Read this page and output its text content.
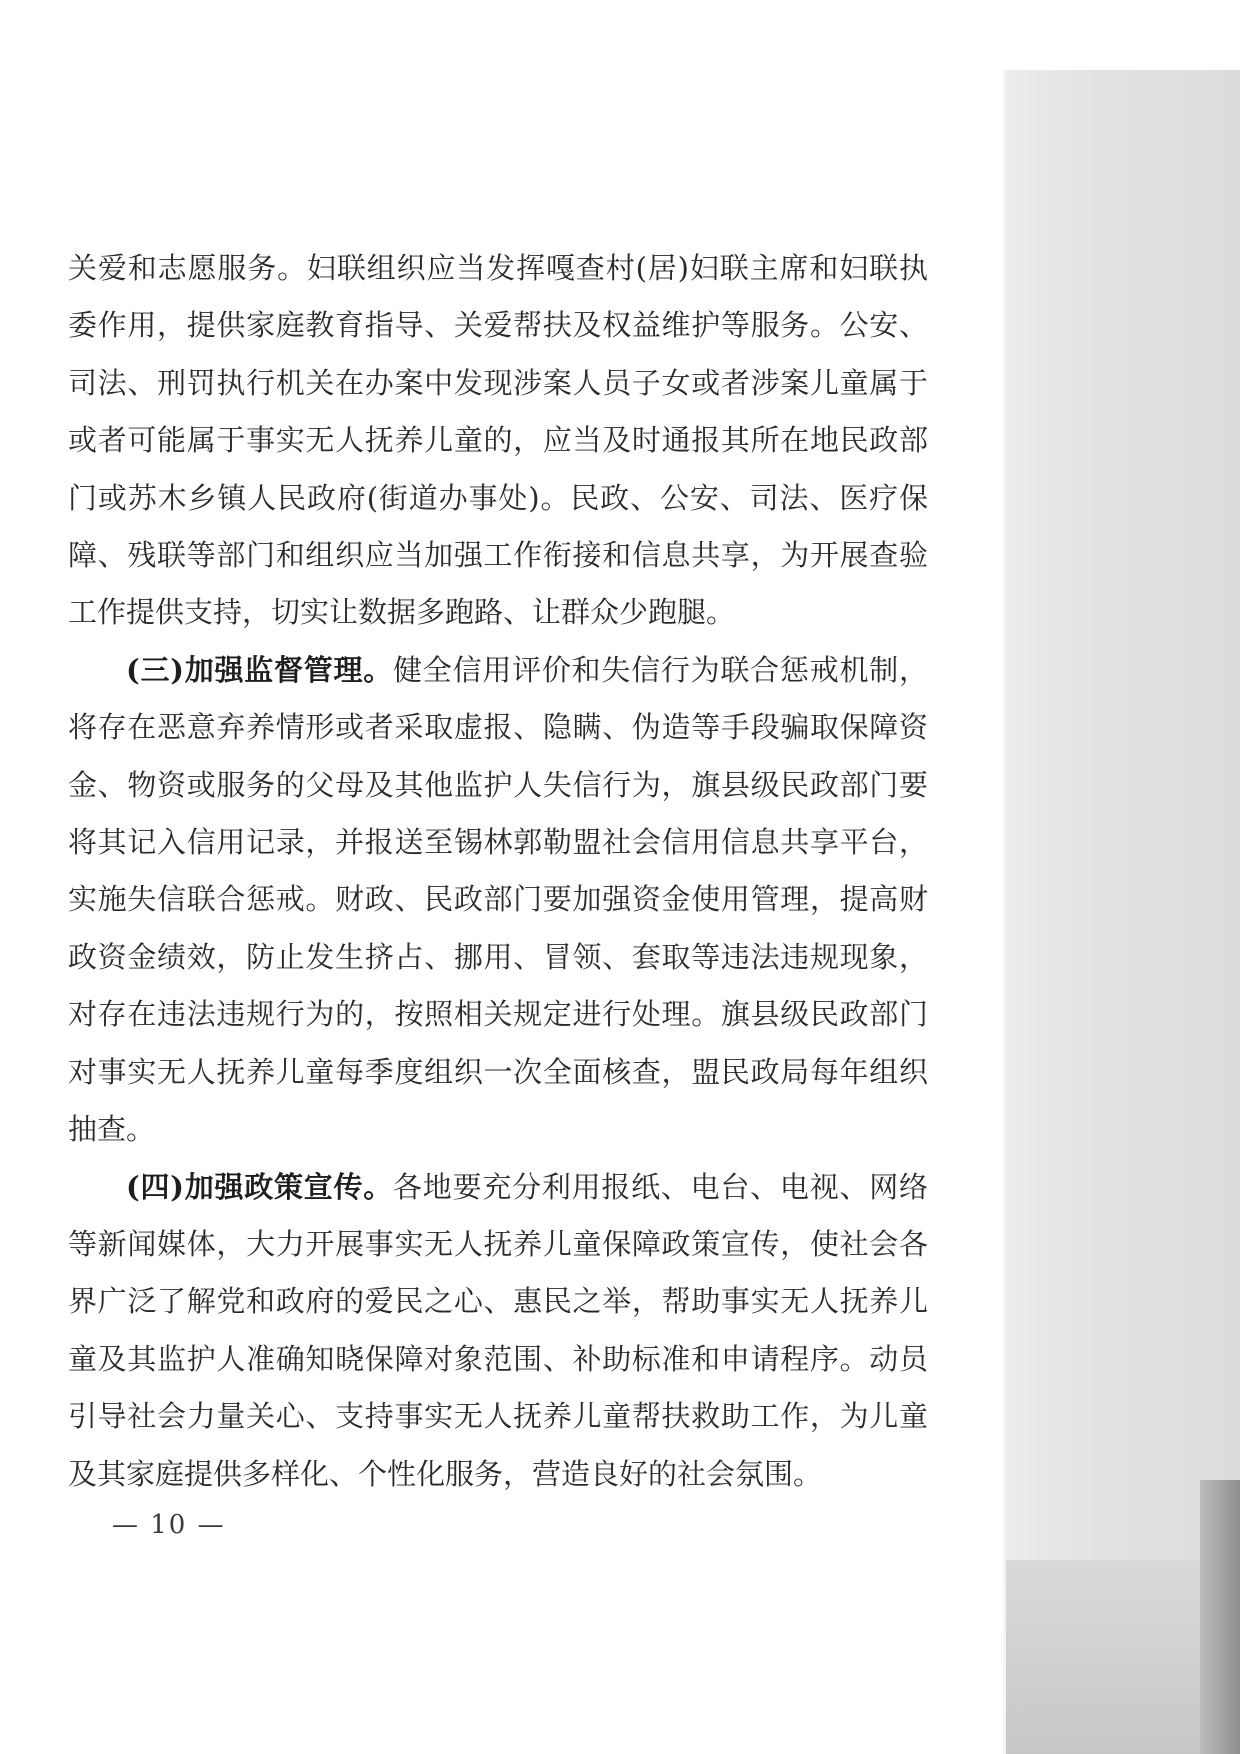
关爱和志愿服务。妇联组织应当发挥嘎查村(居)妇联主席和妇联执委作用，提供家庭教育指导、关爱帮扶及权益维护等服务。公安、司法、刑罚执行机关在办案中发现涉案人员子女或者涉案儿童属于或者可能属于事实无人抚养儿童的，应当及时通报其所在地民政部门或苏木乡镇人民政府(街道办事处)。民政、公安、司法、医疗保障、残联等部门和组织应当加强工作衔接和信息共享，为开展查验工作提供支持，切实让数据多跑路、让群众少跑腿。

(三)加强监督管理。健全信用评价和失信行为联合惩戒机制，将存在恶意弃养情形或者采取虚报、隐瞒、伪造等手段骗取保障资金、物资或服务的父母及其他监护人失信行为，旗县级民政部门要将其记入信用记录，并报送至锡林郭勒盟社会信用信息共享平台，实施失信联合惩戒。财政、民政部门要加强资金使用管理，提高财政资金绩效，防止发生挤占、挪用、冒领、套取等违法违规现象，对存在违法违规行为的，按照相关规定进行处理。旗县级民政部门对事实无人抚养儿童每季度组织一次全面核查，盟民政局每年组织抽查。

(四)加强政策宣传。各地要充分利用报纸、电台、电视、网络等新闻媒体，大力开展事实无人抚养儿童保障政策宣传，使社会各界广泛了解党和政府的爱民之心、惠民之举，帮助事实无人抚养儿童及其监护人准确知晓保障对象范围、补助标准和申请程序。动员引导社会力量关心、支持事实无人抚养儿童帮扶救助工作，为儿童及其家庭提供多样化、个性化服务，营造良好的社会氛围。

— 10 —
